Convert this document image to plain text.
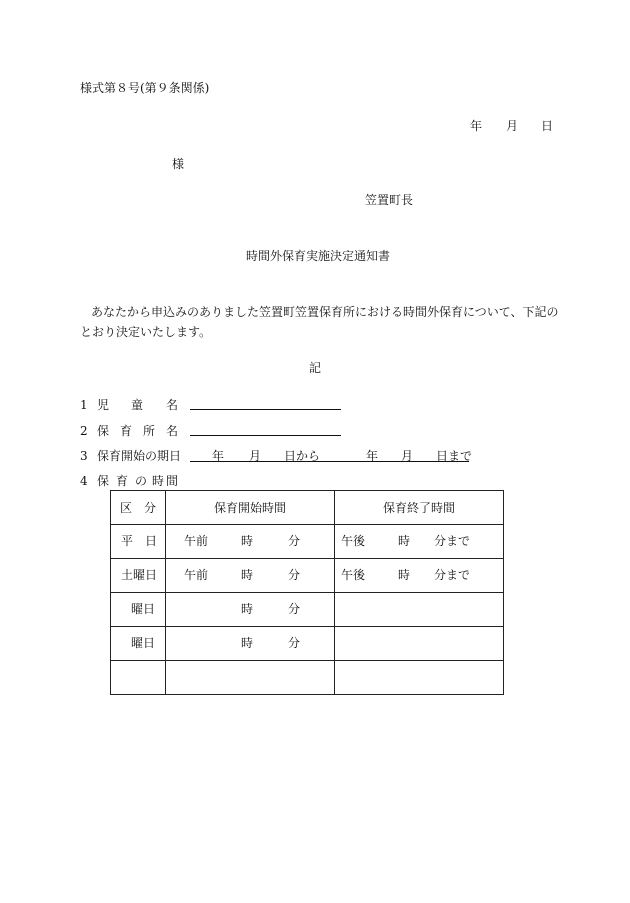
様式第８号(第９条関係)
年 月 日
様
笠置町長
時間外保育実施決定通知書
あなたから申込みのありました笠置町笠置保育所における時間外保育について、下記の
とおり決定いたします。
記
1 児 童 名
2 保 育 所 名
3 保育開始の期日	年 月 日から	年 月 日まで
4 保 育 の 時 間
区　分	保育開始時間	保育終了時間

平　日	午前 時 分	午後 時 分まで

土曜日	午前 時 分	午後 時 分まで

曜日	時 分	

曜日	時 分	
